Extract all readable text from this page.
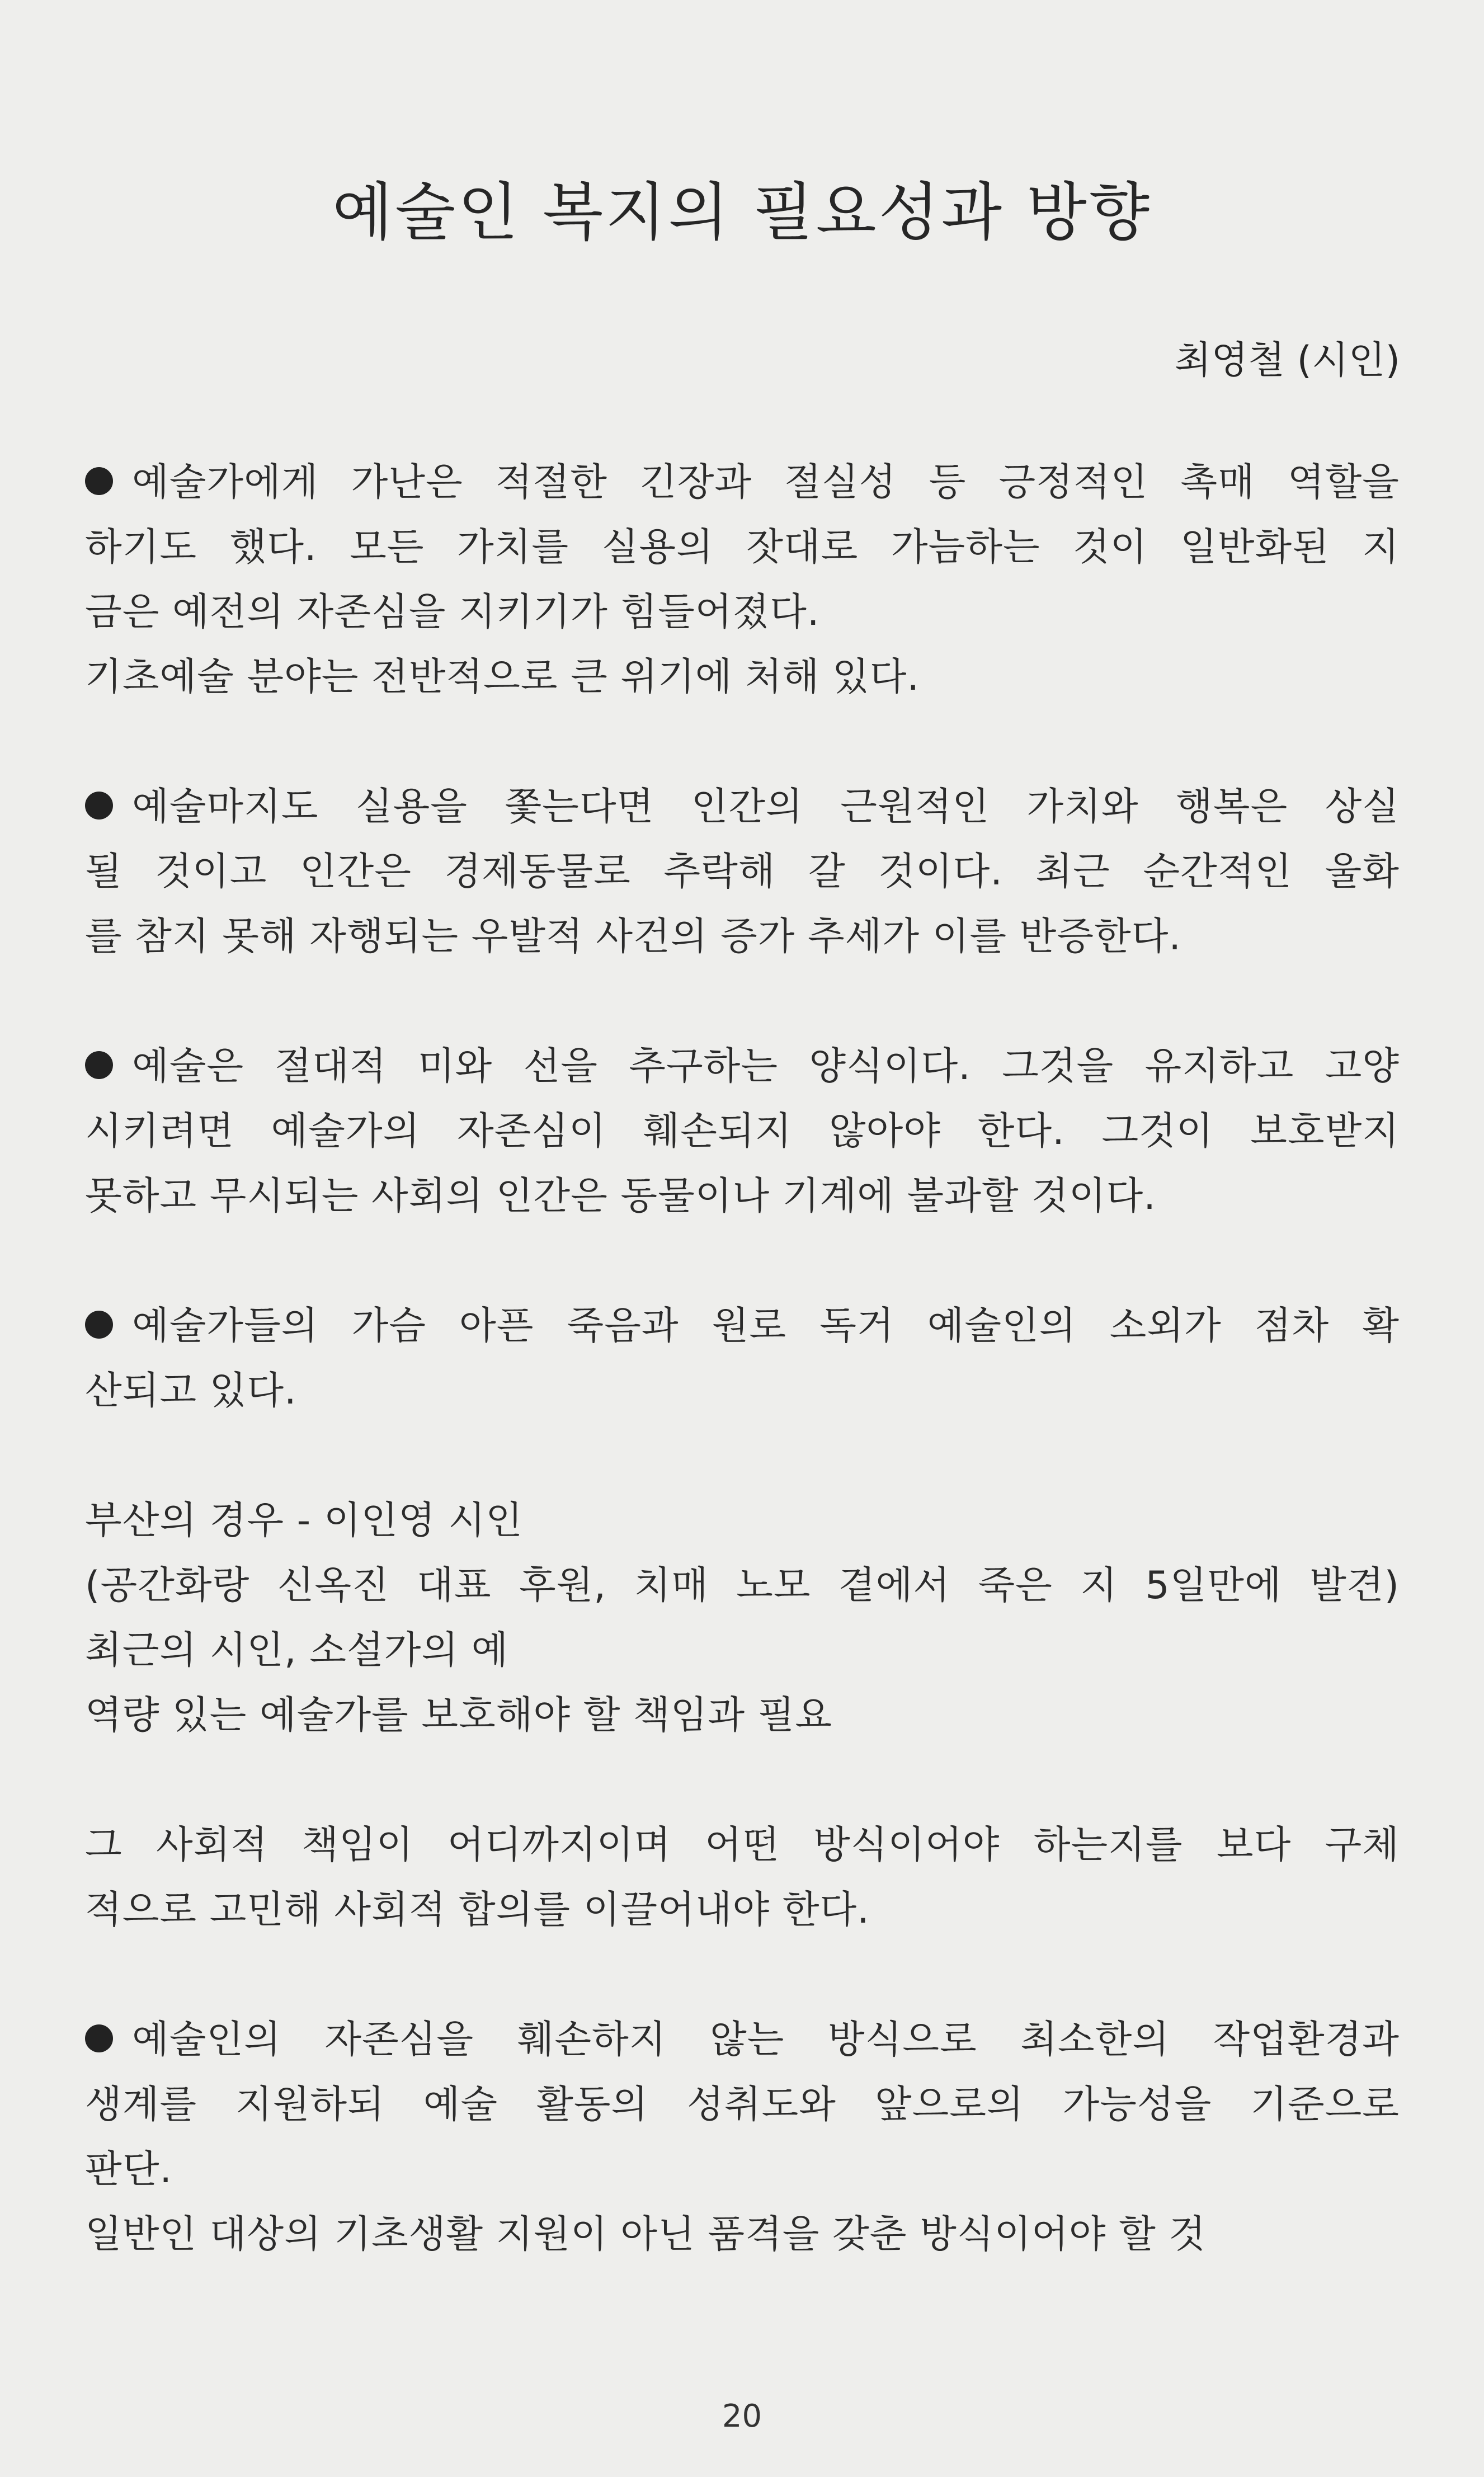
예술인 복지의 필요성과 방향

최영철 (시인)

예술가에게 가난은 적절한 긴장과 절실성 등 긍정적인 촉매 역할을

하기도 했다. 모든 가치를 실용의 잣대로 가늠하는 것이 일반화된 지

금은 예전의 자존심을 지키기가 힘들어졌다.

기초예술 분야는 전반적으로 큰 위기에 처해 있다.

예술마지도 실용을 쫓는다면 인간의 근원적인 가치와 행복은 상실

될 것이고 인간은 경제동물로 추락해 갈 것이다. 최근 순간적인 울화

를 참지 못해 자행되는 우발적 사건의 증가 추세가 이를 반증한다.

예술은 절대적 미와 선을 추구하는 양식이다. 그것을 유지하고 고양

시키려면 예술가의 자존심이 훼손되지 않아야 한다. 그것이 보호받지

못하고 무시되는 사회의 인간은 동물이나 기계에 불과할 것이다.

예술가들의 가슴 아픈 죽음과 원로 독거 예술인의 소외가 점차 확

산되고 있다.

부산의 경우 - 이인영 시인

(공간화랑 신옥진 대표 후원, 치매 노모 곁에서 죽은 지 5일만에 발견)

최근의 시인, 소설가의 예

역량 있는 예술가를 보호해야 할 책임과 필요

그 사회적 책임이 어디까지이며 어떤 방식이어야 하는지를 보다 구체

적으로 고민해 사회적 합의를 이끌어내야 한다.

예술인의 자존심을 훼손하지 않는 방식으로 최소한의 작업환경과

생계를 지원하되 예술 활동의 성취도와 앞으로의 가능성을 기준으로

판단.

일반인 대상의 기초생활 지원이 아닌 품격을 갖춘 방식이어야 할 것

20
